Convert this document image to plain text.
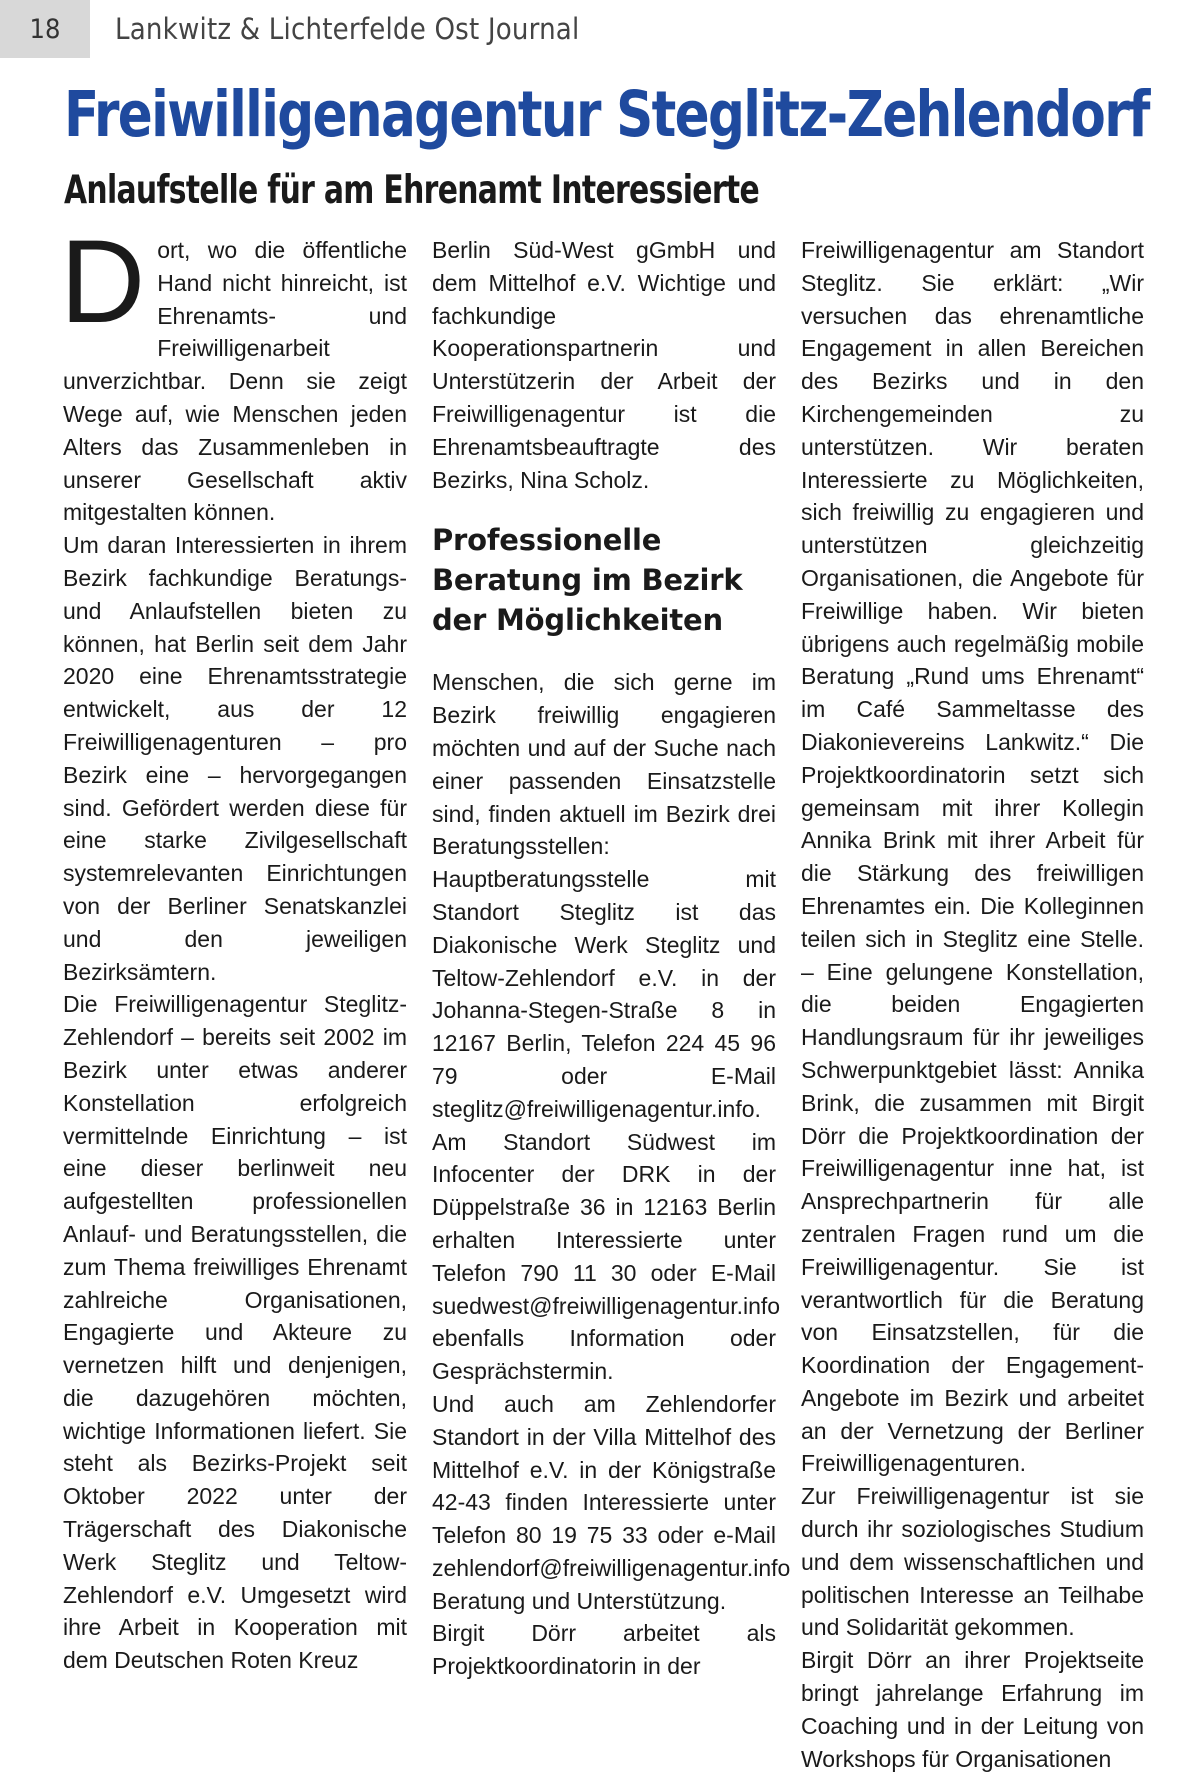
18 Lankwitz & Lichterfelde Ost Journal
Freiwilligenagentur Steglitz-Zehlendorf
Anlaufstelle für am Ehrenamt Interessierte
D ort, wo die öffentliche Hand nicht hinreicht, ist Ehrenamts- und Freiwilligenarbeit unverzichtbar. Denn sie zeigt Wege auf, wie Menschen jeden Alters das Zusammenleben in unserer Gesellschaft aktiv mitgestalten können.

Um daran Interessierten in ihrem Bezirk fachkundige Beratungs- und Anlaufstellen bieten zu können, hat Berlin seit dem Jahr 2020 eine Ehrenamtsstrategie entwickelt, aus der 12 Freiwilligenagenturen – pro Bezirk eine – hervorgegangen sind. Gefördert werden diese für eine starke Zivilgesellschaft systemrelevanten Einrichtungen von der Berliner Senatskanzlei und den jeweiligen Bezirksämtern.

Die Freiwilligenagentur Steglitz-Zehlendorf – bereits seit 2002 im Bezirk unter etwas anderer Konstellation erfolgreich vermittelnde Einrichtung – ist eine dieser berlinweit neu aufgestellten professionellen Anlauf- und Beratungsstellen, die zum Thema freiwilliges Ehrenamt zahlreiche Organisationen, Engagierte und Akteure zu vernetzen hilft und denjenigen, die dazugehören möchten, wichtige Informationen liefert. Sie steht als Bezirks-Projekt seit Oktober 2022 unter der Trägerschaft des Diakonische Werk Steglitz und Teltow-Zehlendorf e.V. Umgesetzt wird ihre Arbeit in Kooperation mit dem Deutschen Roten Kreuz

Berlin Süd-West gGmbH und dem Mittelhof e.V. Wichtige und fachkundige Kooperationspartnerin und Unterstützerin der Arbeit der Freiwilligenagentur ist die Ehrenamtsbeauftragte des Bezirks, Nina Scholz.
Professionelle Beratung im Bezirk der Möglichkeiten

Menschen, die sich gerne im Bezirk freiwillig engagieren möchten und auf der Suche nach einer passenden Einsatzstelle sind, finden aktuell im Bezirk drei Beratungsstellen:

Hauptberatungsstelle mit Standort Steglitz ist das Diakonische Werk Steglitz und Teltow-Zehlendorf e.V. in der Johanna-Stegen-Straße 8 in 12167 Berlin, Telefon 224 45 96 79 oder E-Mail steglitz@freiwilligenagentur.info.

Am Standort Südwest im Infocenter der DRK in der Düppelstraße 36 in 12163 Berlin erhalten Interessierte unter Telefon 790 11 30 oder E-Mail suedwest@freiwilligenagentur.info ebenfalls Information oder Gesprächstermin.

Und auch am Zehlendorfer Standort in der Villa Mittelhof des Mittelhof e.V. in der Königstraße 42-43 finden Interessierte unter Telefon 80 19 75 33 oder e-Mail zehlendorf@freiwilligenagentur.info Beratung und Unterstützung.

Birgit Dörr arbeitet als Projektkoordinatorin in der

Freiwilligenagentur am Standort Steglitz. Sie erklärt: „Wir versuchen das ehrenamtliche Engagement in allen Bereichen des Bezirks und in den Kirchengemeinden zu unterstützen. Wir beraten Interessierte zu Möglichkeiten, sich freiwillig zu engagieren und unterstützen gleichzeitig Organisationen, die Angebote für Freiwillige haben. Wir bieten übrigens auch regelmäßig mobile Beratung „Rund ums Ehrenamt“ im Café Sammeltasse des Diakonievereins Lankwitz.“ Die Projektkoordinatorin setzt sich gemeinsam mit ihrer Kollegin Annika Brink mit ihrer Arbeit für die Stärkung des freiwilligen Ehrenamtes ein. Die Kolleginnen teilen sich in Steglitz eine Stelle. – Eine gelungene Konstellation, die beiden Engagierten Handlungsraum für ihr jeweiliges Schwerpunktgebiet lässt: Annika Brink, die zusammen mit Birgit Dörr die Projektkoordination der Freiwilligenagentur inne hat, ist Ansprechpartnerin für alle zentralen Fragen rund um die Freiwilligenagentur. Sie ist verantwortlich für die Beratung von Einsatzstellen, für die Koordination der Engagement-Angebote im Bezirk und arbeitet an der Vernetzung der Berliner Freiwilligenagenturen.

Zur Freiwilligenagentur ist sie durch ihr soziologisches Studium und dem wissenschaftlichen und politischen Interesse an Teilhabe und Solidarität gekommen.

Birgit Dörr an ihrer Projektseite bringt jahrelange Erfahrung im Coaching und in der Leitung von Workshops für Organisationen
